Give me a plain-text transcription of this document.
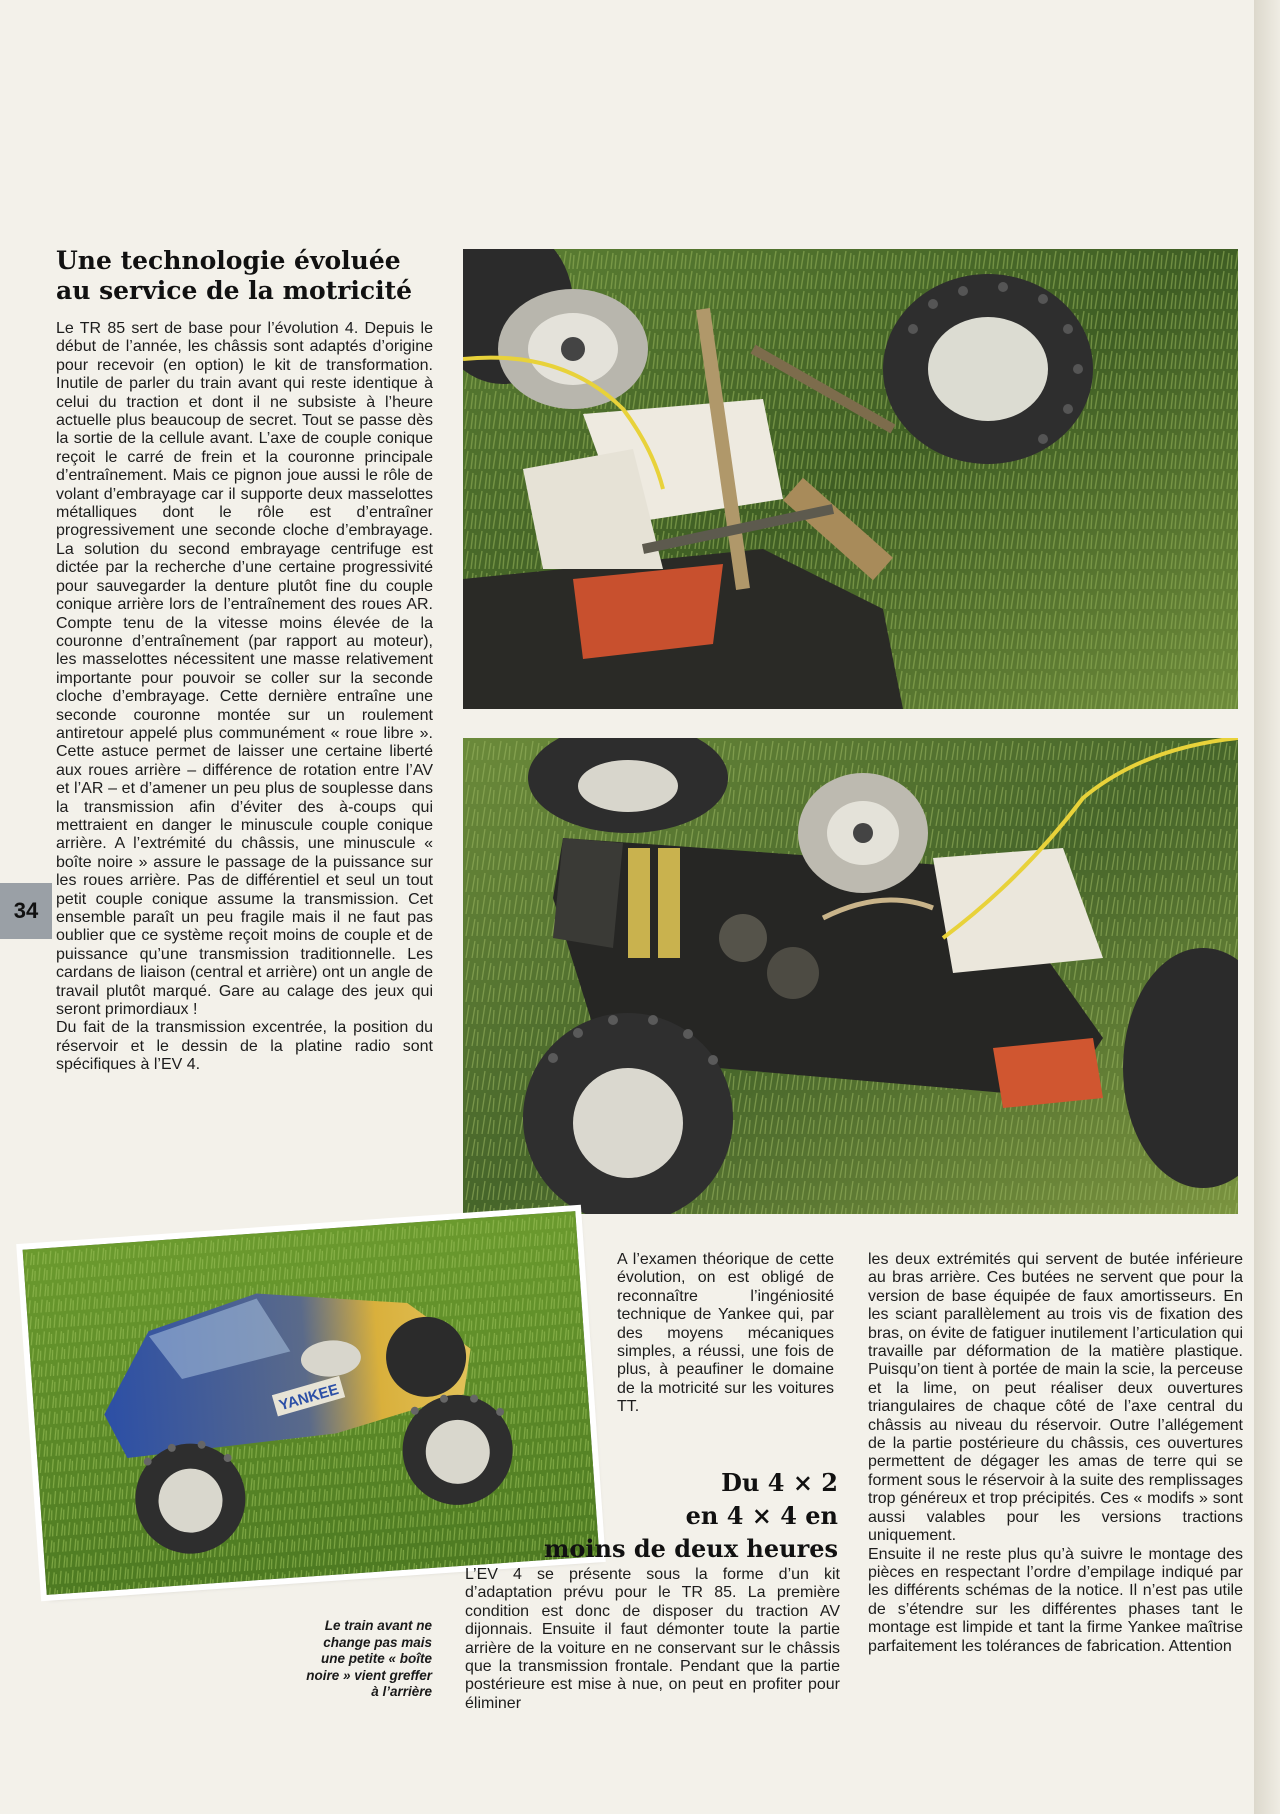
Une technologie évoluée
au service de la motricité

Le TR 85 sert de base pour l’évolution 4. Depuis le début de l’année, les châssis sont adaptés d’origine pour recevoir (en option) le kit de transformation. Inutile de parler du train avant qui reste identique à celui du traction et dont il ne subsiste à l’heure actuelle plus beaucoup de secret. Tout se passe dès la sortie de la cellule avant. L’axe de couple conique reçoit le carré de frein et la couronne principale d’entraînement. Mais ce pignon joue aussi le rôle de volant d’embrayage car il supporte deux masselottes métalliques dont le rôle est d’entraîner progressivement une seconde cloche d’embrayage. La solution du second embrayage centrifuge est dictée par la recherche d’une certaine progressivité pour sauvegarder la denture plutôt fine du couple conique arrière lors de l’entraînement des roues AR. Compte tenu de la vitesse moins élevée de la couronne d’entraînement (par rapport au moteur), les masselottes nécessitent une masse relativement importante pour pouvoir se coller sur la seconde cloche d’embrayage. Cette dernière entraîne une seconde couronne montée sur un roulement antiretour appelé plus communément « roue libre ». Cette astuce permet de laisser une certaine liberté aux roues arrière – différence de rotation entre l’AV et l’AR – et d’amener un peu plus de souplesse dans la transmission afin d’éviter des à-coups qui mettraient en danger le minuscule couple conique arrière. A l’extrémité du châssis, une minuscule « boîte noire » assure le passage de la puissance sur les roues arrière. Pas de différentiel et seul un tout petit couple conique assume la transmission. Cet ensemble paraît un peu fragile mais il ne faut pas oublier que ce système reçoit moins de couple et de puissance qu’une transmission traditionnelle. Les cardans de liaison (central et arrière) ont un angle de travail plutôt marqué. Gare au calage des jeux qui seront primordiaux !

Du fait de la transmission excentrée, la position du réservoir et le dessin de la platine radio sont spécifiques à l’EV 4.

34
YANKEE

A l’examen théorique de cette évolution, on est obligé de reconnaître l’ingéniosité technique de Yankee qui, par des moyens mécaniques simples, a réussi, une fois de plus, à peaufiner le domaine de la motricité sur les voitures TT.

Du 4 × 2
en 4 × 4 en
moins de deux heures

L’EV 4 se présente sous la forme d’un kit d’adaptation prévu pour le TR 85. La première condition est donc de disposer du traction AV dijonnais. Ensuite il faut démonter toute la partie arrière de la voiture en ne conservant sur le châssis que la transmission frontale. Pendant que la partie postérieure est mise à nue, on peut en profiter pour éliminer

les deux extrémités qui servent de butée inférieure au bras arrière. Ces butées ne servent que pour la version de base équipée de faux amortisseurs. En les sciant parallèlement au trois vis de fixation des bras, on évite de fatiguer inutilement l’articulation qui travaille par déformation de la matière plastique. Puisqu’on tient à portée de main la scie, la perceuse et la lime, on peut réaliser deux ouvertures triangulaires de chaque côté de l’axe central du châssis au niveau du réservoir. Outre l’allégement de la partie postérieure du châssis, ces ouvertures permettent de dégager les amas de terre qui se forment sous le réservoir à la suite des remplissages trop généreux et trop précipités. Ces « modifs » sont aussi valables pour les versions tractions uniquement.

Ensuite il ne reste plus qu’à suivre le montage des pièces en respectant l’ordre d’empilage indiqué par les différents schémas de la notice. Il n’est pas utile de s’étendre sur les différentes phases tant le montage est limpide et tant la firme Yankee maîtrise parfaitement les tolérances de fabrication. Attention

Le train avant ne change pas mais une petite « boîte noire » vient greffer à l’arrière
